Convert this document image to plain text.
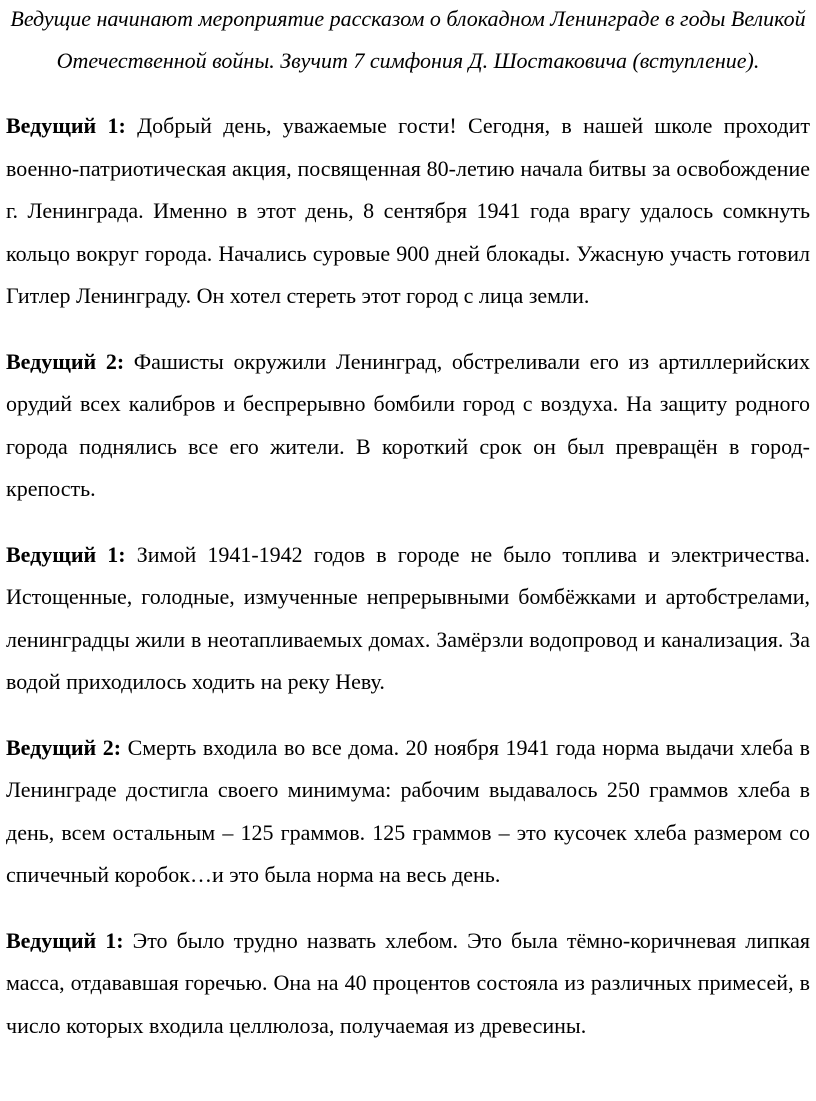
Ведущие начинают мероприятие рассказом о блокадном Ленинграде в годы Великой Отечественной войны. Звучит 7 симфония Д. Шостаковича (вступление).

Ведущий 1: Добрый день, уважаемые гости! Сегодня, в нашей школе проходит военно-патриотическая акция, посвященная 80-летию начала битвы за освобождение г. Ленинграда. Именно в этот день, 8 сентября 1941 года врагу удалось сомкнуть кольцо вокруг города. Начались суровые 900 дней блокады. Ужасную участь готовил Гитлер Ленинграду. Он хотел стереть этот город с лица земли.

Ведущий 2: Фашисты окружили Ленинград, обстреливали его из артиллерийских орудий всех калибров и беспрерывно бомбили город с воздуха. На защиту родного города поднялись все его жители. В короткий срок он был превращён в город-крепость.

Ведущий 1: Зимой 1941-1942 годов в городе не было топлива и электричества. Истощенные, голодные, измученные непрерывными бомбёжками и артобстрелами, ленинградцы жили в неотапливаемых домах. Замёрзли водопровод и канализация. За водой приходилось ходить на реку Неву.

Ведущий 2: Смерть входила во все дома. 20 ноября 1941 года норма выдачи хлеба в Ленинграде достигла своего минимума: рабочим выдавалось 250 граммов хлеба в день, всем остальным – 125 граммов. 125 граммов – это кусочек хлеба размером со спичечный коробок…и это была норма на весь день.

Ведущий 1: Это было трудно назвать хлебом. Это была тёмно-коричневая липкая масса, отдававшая горечью. Она на 40 процентов состояла из различных примесей, в число которых входила целлюлоза, получаемая из древесины.
